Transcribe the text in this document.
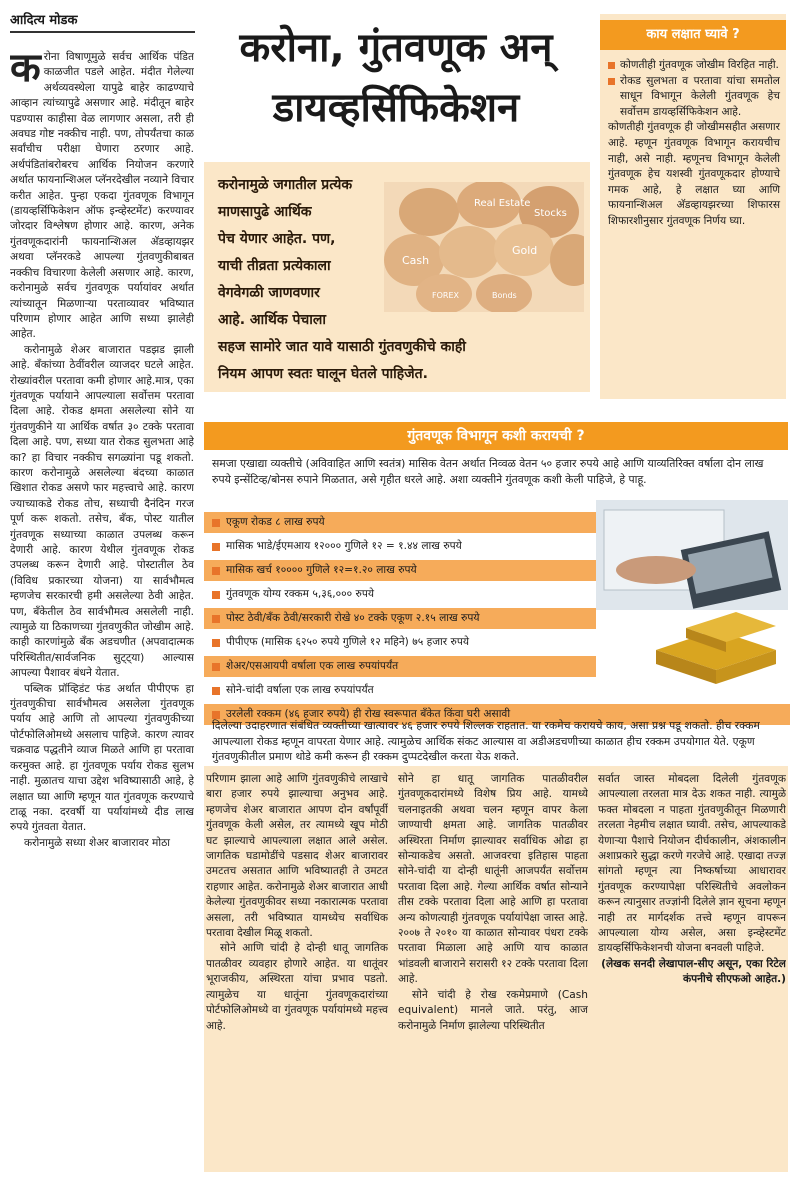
आदित्य मोडक
करोना, गुंतवणूक अन्
डायव्हर्सिफिकेशन

करोना विषाणूमुळे सर्वच आर्थिक पंडित काळजीत पडले आहेत. मंदीत गेलेल्या अर्थव्यवस्थेला यापुढे बाहेर काढण्याचे आव्हान त्यांच्यापुढे असणार आहे. मंदीतून बाहेर पडण्यास काहीसा वेळ लागणार असला, तरी ही अवघड गोष्ट नक्कीच नाही. पण, तोपर्यंतचा काळ सर्वांचीच परीक्षा घेणारा ठरणार आहे. अर्थपंडितांबरोबरच आर्थिक नियोजन करणारे अर्थात फायनान्शिअल प्लॅनरदेखील नव्याने विचार करीत आहेत. पुन्हा एकदा गुंतवणूक विभागून (डायव्हर्सिफिकेशन ऑफ इन्व्हेस्टमेंट) करण्यावर जोरदार विश्लेषण होणार आहे. कारण, अनेक गुंतवणूकदारांनी फायनान्शिअल अ‍ॅडव्हायझर अथवा प्लॅनरकडे आपल्या गुंतवणुकीबाबत नक्कीच विचारणा केलेली असणार आहे. कारण, करोनामुळे सर्वच गुंतवणूक पर्यायांवर अर्थात त्यांच्यातून मिळणाऱ्या परताव्यावर भविष्यात परिणाम होणार आहेत आणि सध्या झालेही आहेत.

करोनामुळे शेअर बाजारात पडझड झाली आहे. बँकांच्या ठेवींवरील व्याजदर घटले आहेत. रोख्यांवरील परतावा कमी होणार आहे.मात्र, एका गुंतवणूक पर्यायाने आपल्याला सर्वोत्तम परतावा दिला आहे. रोकड क्षमता असलेल्या सोने या गुंतवणुकीने या आर्थिक वर्षात ३० टक्के परतावा दिला आहे. पण, सध्या यात रोकड सुलभता आहे का? हा विचार नक्कीच सगळ्यांना पडू शकतो. कारण करोनामुळे असलेल्या बंदच्या काळात खिशात रोकड असणे फार महत्त्वाचे आहे. कारण ज्याच्याकडे रोकड तोच, सध्याची दैनंदिन गरज पूर्ण करू शकतो. तसेच, बँक, पोस्ट यातील गुंतवणूक सध्याच्या काळात उपलब्ध करून देणारी आहे. कारण येथील गुंतवणूक रोकड उपलब्ध करून देणारी आहे. पोस्टातील ठेव (विविध प्रकारच्या योजना) या सार्वभौमत्व म्हणजेच सरकारची हमी असलेल्या ठेवी आहेत. पण, बँकेतील ठेव सार्वभौमत्व असलेली नाही. त्यामुळे या ठिकाणच्या गुंतवणुकीत जोखीम आहे. काही कारणांमुळे बँक अडचणीत (अपवादात्मक परिस्थितीत/सार्वजनिक सुट्ट्या) आल्यास आपल्या पैशावर बंधने येतात.

पब्लिक प्रॉव्हिडंट फंड अर्थात पीपीएफ हा गुंतवणुकीचा सार्वभौमत्व असलेला गुंतवणूक पर्याय आहे आणि तो आपल्या गुंतवणुकीच्या पोर्टफोलिओमध्ये असलाच पाहिजे. कारण त्यावर चक्रवाढ पद्धतीने व्याज मिळते आणि हा परतावा करमुक्त आहे. हा गुंतवणूक पर्याय रोकड सुलभ नाही. मुळातच याचा उद्देश भविष्यासाठी आहे, हे लक्षात घ्या आणि म्हणून यात गुंतवणूक करण्याचे टाळू नका. दरवर्षी या पर्यायांमध्ये दीड लाख रुपये गुंतवता येतात.

करोनामुळे सध्या शेअर बाजारावर मोठा

Real Estate
Stocks
Cash
Gold
FOREX	Bonds
करोनामुळे जगातील प्रत्येक
माणसापुढे आर्थिक
पेच येणार आहेत. पण,
याची तीव्रता प्रत्येकाला
वेगवेगळी जाणवणार
आहे. आर्थिक पेचाला
सहज सामोरे जात यावे यासाठी गुंतवणुकीचे काही
नियम आपण स्वतः घालून घेतले पाहिजेत.
काय लक्षात घ्यावे ?
कोणतीही गुंतवणूक जोखीम विरहित नाही.
रोकड सुलभता व परतावा यांचा समतोल साधून विभागून केलेली गुंतवणूक हेच सर्वोत्तम डायव्हर्सिफिकेशन आहे.
कोणतीही गुंतवणूक ही जोखीमसहीत असणार आहे. म्हणून गुंतवणूक विभागून करायचीच नाही, असे नाही. म्हणूनच विभागून केलेली गुंतवणूक हेच यशस्वी गुंतवणूकदार होण्याचे गमक आहे, हे लक्षात घ्या आणि फायनान्शिअल अ‍ॅडव्हायझरच्या शिफारस शिफारशीनुसार गुंतवणूक निर्णय घ्या.
गुंतवणूक विभागून कशी करायची ?
समजा एखाद्या व्यक्तीचे (अविवाहित आणि स्वतंत्र) मासिक वेतन अर्थात निव्वळ वेतन ५० हजार रुपये आहे आणि याव्यतिरिक्त वर्षाला दोन लाख रुपये इन्सेंटिव्ह/बोनस रुपाने मिळतात, असे गृहीत धरले आहे. अशा व्यक्तीने गुंतवणूक कशी केली पाहिजे, हे पाहू.
एकूण रोकड ८ लाख रुपये
मासिक भाडे/ईएमआय १२००० गुणिले १२ = १.४४ लाख रुपये
मासिक खर्च १०००० गुणिले १२=१.२० लाख रुपये
गुंतवणूक योग्य रक्कम ५,३६,००० रुपये
पोस्ट ठेवी/बँक ठेवी/सरकारी रोखे ४० टक्के एकूण २.१५ लाख रुपये
पीपीएफ (मासिक ६२५० रुपये गुणिले १२ महिने) ७५ हजार रुपये
शेअर/एसआयपी वर्षाला एक लाख रुपयांपर्यंत
सोने-चांदी वर्षाला एक लाख रुपयांपर्यंत
उरलेली रक्कम (४६ हजार रुपये) ही रोख स्वरूपात बँकेत किंवा घरी असावी
दिलेल्या उदाहरणात संबंधित व्यक्तीच्या खात्यावर ४६ हजार रुपये शिल्लक राहतात. या रकमेच करायचे काय, असा प्रश्न पडू शकतो. हीच रक्कम आपल्याला रोकड म्हणून वापरता येणार आहे. त्यामुळेच आर्थिक संकट आल्यास वा अडीअडचणीच्या काळात हीच रक्कम उपयोगात येते. एकूण गुंतवणुकीतील प्रमाण थोडे कमी करून ही रक्कम दुप्पटदेखील करता येऊ शकते.

परिणाम झाला आहे आणि गुंतवणुकीचे लाखाचे बारा हजार रुपये झाल्याचा अनुभव आहे. म्हणजेच शेअर बाजारात आपण दोन वर्षांपूर्वी गुंतवणूक केली असेल, तर त्यामध्ये खूप मोठी घट झाल्याचे आपल्याला लक्षात आले असेल. जागतिक घडामोडींचे पडसाद शेअर बाजारावर उमटतच असतात आणि भविष्यातही ते उमटत राहणार आहेत. करोनामुळे शेअर बाजारात आधी केलेल्या गुंतवणुकीवर सध्या नकारात्मक परतावा असला, तरी भविष्यात यामध्येच सर्वाधिक परतावा देखील मिळू शकतो.

सोने आणि चांदी हे दोन्ही धातू जागतिक पातळीवर व्यवहार होणारे आहेत. या धातूंवर भूराजकीय, अस्थिरता यांचा प्रभाव पडतो. त्यामुळेच या धातूंना गुंतवणूकदारांच्या पोर्टफोलिओमध्ये वा गुंतवणूक पर्यायांमध्ये महत्त्व आहे.

सोने हा धातू जागतिक पातळीवरील गुंतवणूकदारांमध्ये विशेष प्रिय आहे. यामध्ये चलनाइतकी अथवा चलन म्हणून वापर केला जाण्याची क्षमता आहे. जागतिक पातळीवर अस्थिरता निर्माण झाल्यावर सर्वाधिक ओढा हा सोन्याकडेच असतो. आजवरचा इतिहास पाहता सोने-चांदी या दोन्ही धातूंनी आजपर्यंत सर्वोत्तम परतावा दिला आहे. गेल्या आर्थिक वर्षात सोन्याने तीस टक्के परतावा दिला आहे आणि हा परतावा अन्य कोणत्याही गुंतवणूक पर्यायांपेक्षा जास्त आहे. २००७ ते २०१० या काळात सोन्यावर पंधरा टक्के परतावा मिळाला आहे आणि याच काळात भांडवली बाजाराने सरासरी १२ टक्के परतावा दिला आहे.

सोने चांदी हे रोख रकमेप्रमाणे (Cash equivalent) मानले जाते. परंतु, आज करोनामुळे निर्माण झालेल्या परिस्थितीत

सर्वात जास्त मोबदला दिलेली गुंतवणूक आपल्याला तरलता मात्र देऊ शकत नाही. त्यामुळे फक्त मोबदला न पाहता गुंतवणुकीतून मिळणारी तरलता नेहमीच लक्षात घ्यावी. तसेच, आपल्याकडे येणाऱ्या पैशाचे नियोजन दीर्घकालीन, अंशकालीन अशाप्रकारे सुद्धा करणे गरजेचे आहे. एखादा तज्ज्ञ सांगतो म्हणून त्या निष्कर्षाच्या आधारावर गुंतवणूक करण्यापेक्षा परिस्थितीचे अवलोकन करून त्यानुसार तज्ज्ञांनी दिलेले ज्ञान सूचना म्हणून नाही तर मार्गदर्शक तत्त्वे म्हणून वापरून आपल्याला योग्य असेल, असा इन्व्हेस्टमेंट डायव्हर्सिफिकेशनची योजना बनवली पाहिजे.

(लेखक सनदी लेखापाल-सीए असून, एका रिटेल कंपनीचे सीएफओ आहेत.)
